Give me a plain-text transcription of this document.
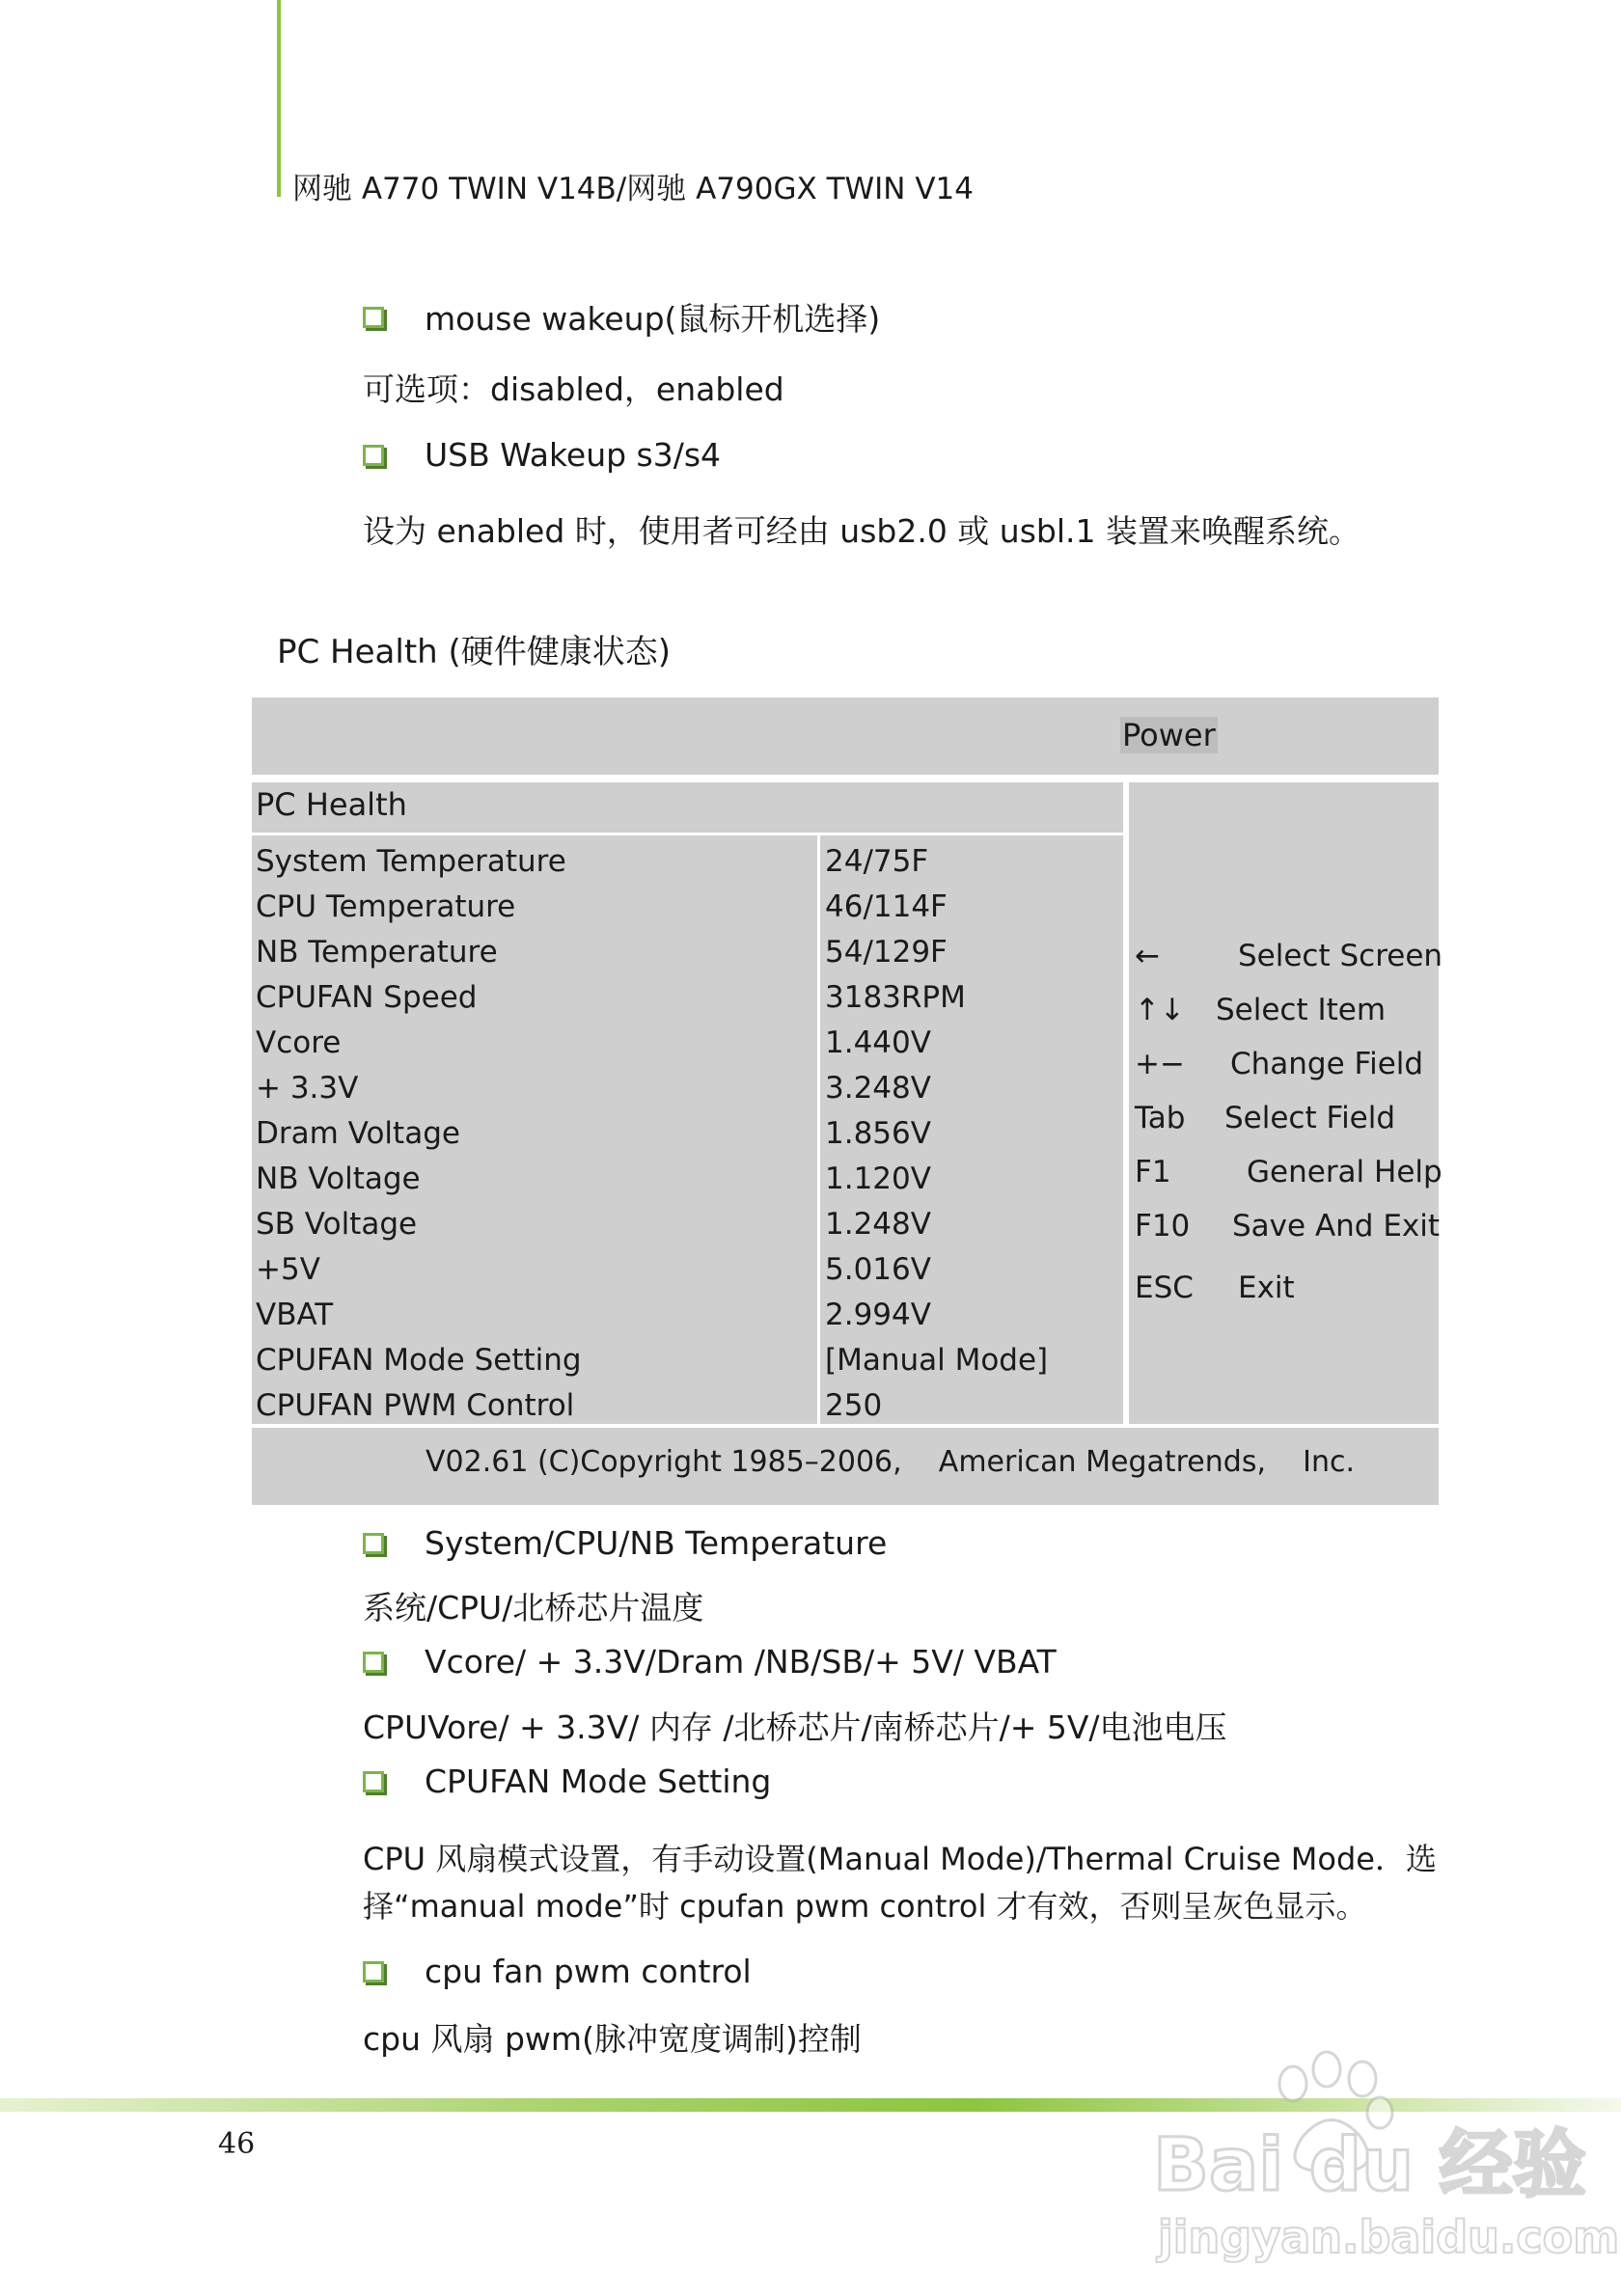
网驰 A770 TWIN V14B/网驰 A790GX TWIN V14
mouse wakeup(鼠标开机选择)
可选项：disabled，enabled
USB Wakeup s3/s4
设为 enabled 时，使用者可经由 usb2.0 或 usbl.1 装置来唤醒系统。
PC Health (硬件健康状态)
Power
PC Health
System Temperature	24/75F
CPU Temperature	46/114F
NB Temperature	54/129F
CPUFAN Speed	3183RPM
Vcore	1.440V
+ 3.3V	3.248V
Dram Voltage	1.856V
NB Voltage	1.120V
SB Voltage	1.248V
+5V	5.016V
VBAT	2.994V
CPUFAN Mode Setting	[Manual Mode]
CPUFAN PWM Control	250
←	Select Screen
↑↓ Select Item
+− Change Field
Tab Select Field
F1	General Help
F10 Save And Exit
ESC Exit
V02.61 (C)Copyright 1985–2006,    American Megatrends,    Inc.
System/CPU/NB Temperature
系统/CPU/北桥芯片温度
Vcore/ + 3.3V/Dram /NB/SB/+ 5V/ VBAT
CPUVore/ + 3.3V/ 内存 /北桥芯片/南桥芯片/+ 5V/电池电压
CPUFAN Mode Setting
CPU 风扇模式设置，有手动设置(Manual Mode)/Thermal Cruise Mode．选
择“manual mode”时 cpufan pwm control 才有效，否则呈灰色显示。
cpu fan pwm control
cpu 风扇 pwm(脉冲宽度调制)控制
46	Bai du 经验
jingyan.baidu.com
